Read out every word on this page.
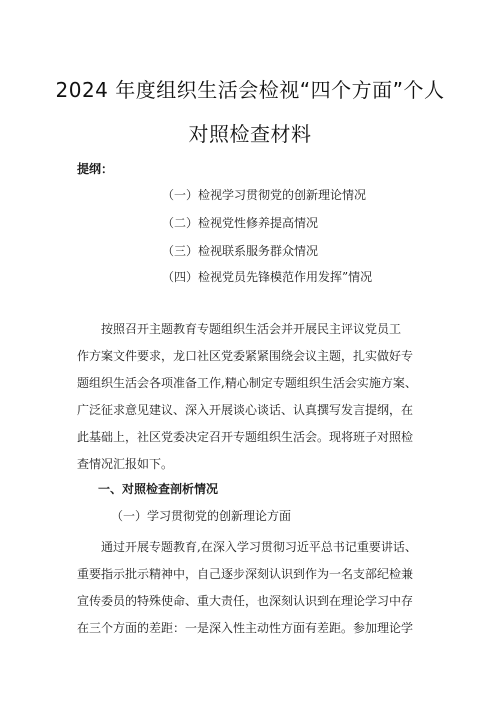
2024 年度组织生活会检视“四个方面”个人
对照检查材料
提纲：
（一）检视学习贯彻党的创新理论情况
（二）检视党性修养提高情况
（三）检视联系服务群众情况
（四）检视党员先锋模范作用发挥”情况
按照召开主题教育专题组织生活会并开展民主评议党员工
作方案文件要求，龙口社区党委紧紧围绕会议主题，扎实做好专
题组织生活会各项准备工作,精心制定专题组织生活会实施方案、
广泛征求意见建议、深入开展谈心谈话、认真撰写发言提纲，在
此基础上，社区党委决定召开专题组织生活会。现将班子对照检
查情况汇报如下。
一、对照检查剖析情况
（一）学习贯彻党的创新理论方面
通过开展专题教育,在深入学习贯彻习近平总书记重要讲话、
重要指示批示精神中，自己逐步深刻认识到作为一名支部纪检兼
宣传委员的特殊使命、重大责任，也深刻认识到在理论学习中存
在三个方面的差距：一是深入性主动性方面有差距。参加理论学
